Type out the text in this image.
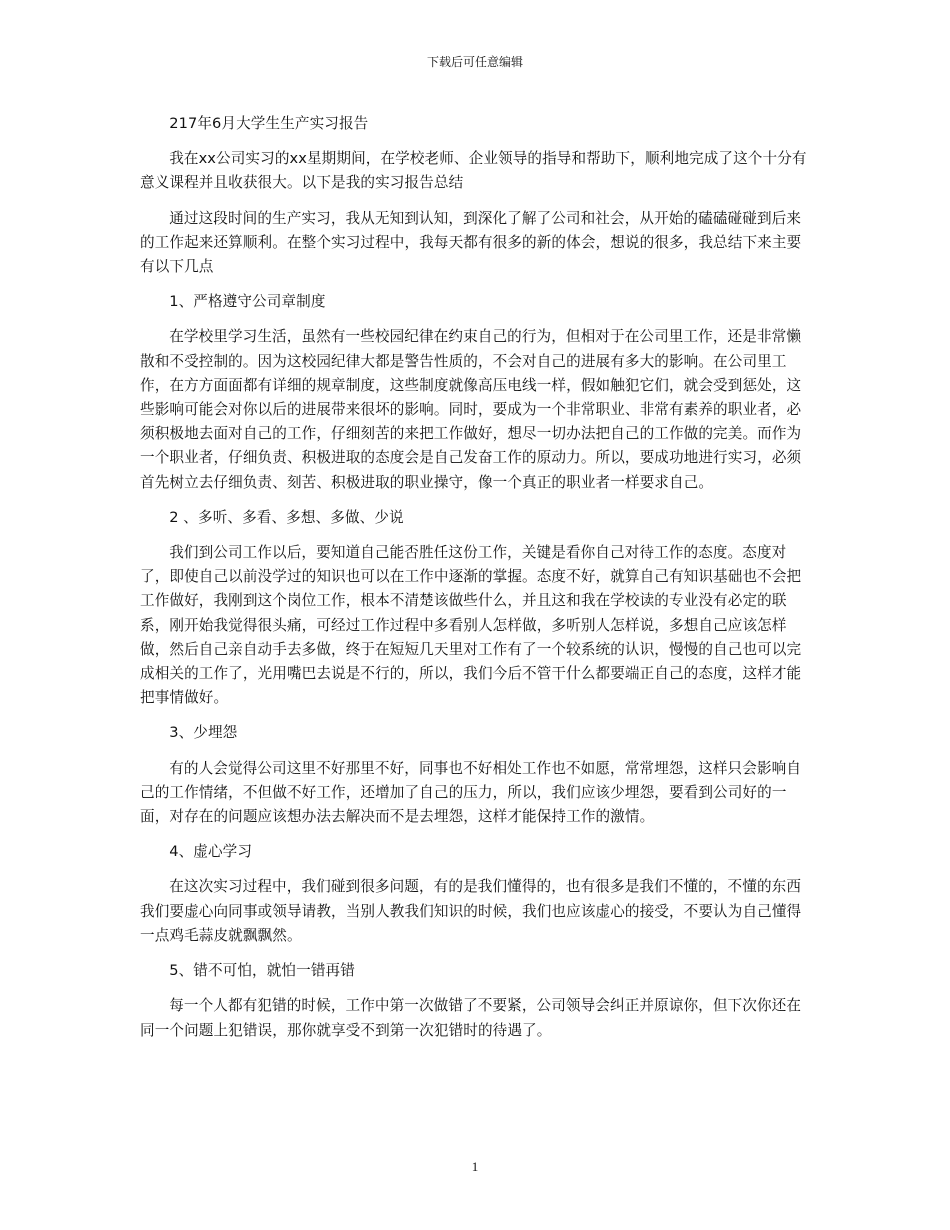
下载后可任意编辑

217年6月大学生生产实习报告

我在xx公司实习的xx星期期间，在学校老师、企业领导的指导和帮助下，顺利地完成了这个十分有意义课程并且收获很大。以下是我的实习报告总结

通过这段时间的生产实习，我从无知到认知，到深化了解了公司和社会，从开始的磕磕碰碰到后来的工作起来还算顺利。在整个实习过程中，我每天都有很多的新的体会，想说的很多，我总结下来主要有以下几点

1、严格遵守公司章制度

在学校里学习生活，虽然有一些校园纪律在约束自己的行为，但相对于在公司里工作，还是非常懒散和不受控制的。因为这校园纪律大都是警告性质的，不会对自己的进展有多大的影响。在公司里工作，在方方面面都有详细的规章制度，这些制度就像高压电线一样，假如触犯它们，就会受到惩处，这些影响可能会对你以后的进展带来很坏的影响。同时，要成为一个非常职业、非常有素养的职业者，必须积极地去面对自己的工作，仔细刻苦的来把工作做好，想尽一切办法把自己的工作做的完美。而作为一个职业者，仔细负责、积极进取的态度会是自己发奋工作的原动力。所以，要成功地进行实习，必须首先树立去仔细负责、刻苦、积极进取的职业操守，像一个真正的职业者一样要求自己。

2 、多听、多看、多想、多做、少说

我们到公司工作以后，要知道自己能否胜任这份工作，关键是看你自己对待工作的态度。态度对了，即使自己以前没学过的知识也可以在工作中逐渐的掌握。态度不好，就算自己有知识基础也不会把工作做好，我刚到这个岗位工作，根本不清楚该做些什么，并且这和我在学校读的专业没有必定的联系，刚开始我觉得很头痛，可经过工作过程中多看别人怎样做，多听别人怎样说，多想自己应该怎样做，然后自己亲自动手去多做，终于在短短几天里对工作有了一个较系统的认识，慢慢的自己也可以完成相关的工作了，光用嘴巴去说是不行的，所以，我们今后不管干什么都要端正自己的态度，这样才能把事情做好。

3、少埋怨

有的人会觉得公司这里不好那里不好，同事也不好相处工作也不如愿，常常埋怨，这样只会影响自己的工作情绪，不但做不好工作，还增加了自己的压力，所以，我们应该少埋怨，要看到公司好的一面，对存在的问题应该想办法去解决而不是去埋怨，这样才能保持工作的激情。

4、虚心学习

在这次实习过程中，我们碰到很多问题，有的是我们懂得的，也有很多是我们不懂的，不懂的东西我们要虚心向同事或领导请教，当别人教我们知识的时候，我们也应该虚心的接受，不要认为自己懂得一点鸡毛蒜皮就飘飘然。

5、错不可怕，就怕一错再错

每一个人都有犯错的时候，工作中第一次做错了不要紧，公司领导会纠正并原谅你，但下次你还在同一个问题上犯错误，那你就享受不到第一次犯错时的待遇了。

1
